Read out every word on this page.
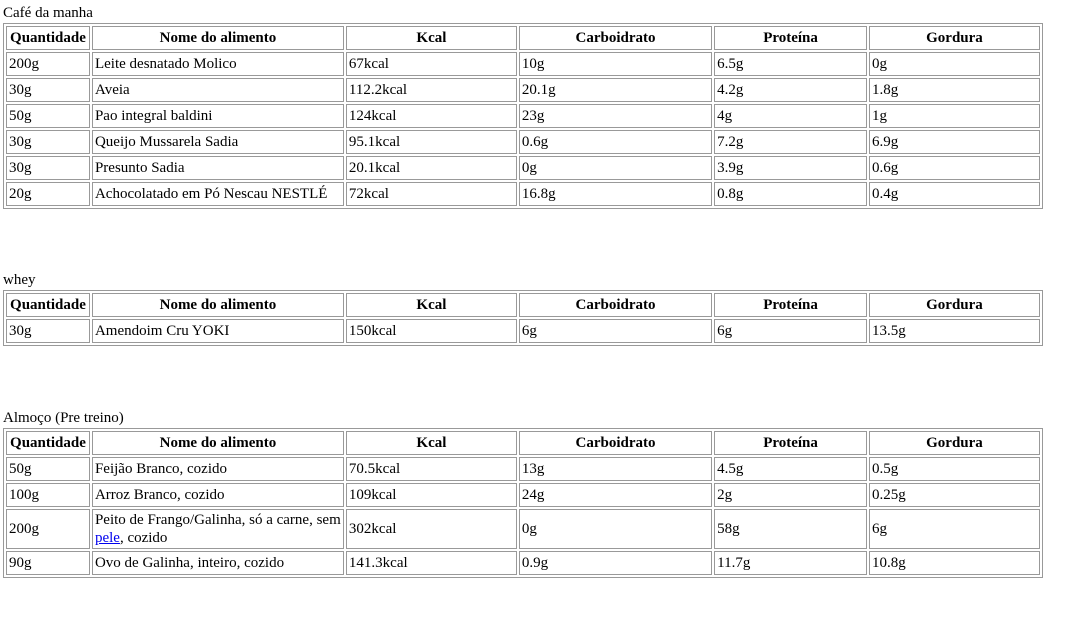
Café da manha
Quantidade	Nome do alimento	Kcal	Carboidrato	Proteína	Gordura
200g	Leite desnatado Molico	67kcal	10g	6.5g	0g
30g	Aveia	112.2kcal	20.1g	4.2g	1.8g
50g	Pao integral baldini	124kcal	23g	4g	1g
30g	Queijo Mussarela Sadia	95.1kcal	0.6g	7.2g	6.9g
30g	Presunto Sadia	20.1kcal	0g	3.9g	0.6g
20g	Achocolatado em Pó Nescau NESTLÉ	72kcal	16.8g	0.8g	0.4g
whey
Quantidade	Nome do alimento	Kcal	Carboidrato	Proteína	Gordura
30g	Amendoim Cru YOKI	150kcal	6g	6g	13.5g
Almoço (Pre treino)
Quantidade	Nome do alimento	Kcal	Carboidrato	Proteína	Gordura
50g	Feijão Branco, cozido	70.5kcal	13g	4.5g	0.5g
100g	Arroz Branco, cozido	109kcal	24g	2g	0.25g
200g	Peito de Frango/Galinha, só a carne, sem pele, cozido	302kcal	0g	58g	6g
90g	Ovo de Galinha, inteiro, cozido	141.3kcal	0.9g	11.7g	10.8g
